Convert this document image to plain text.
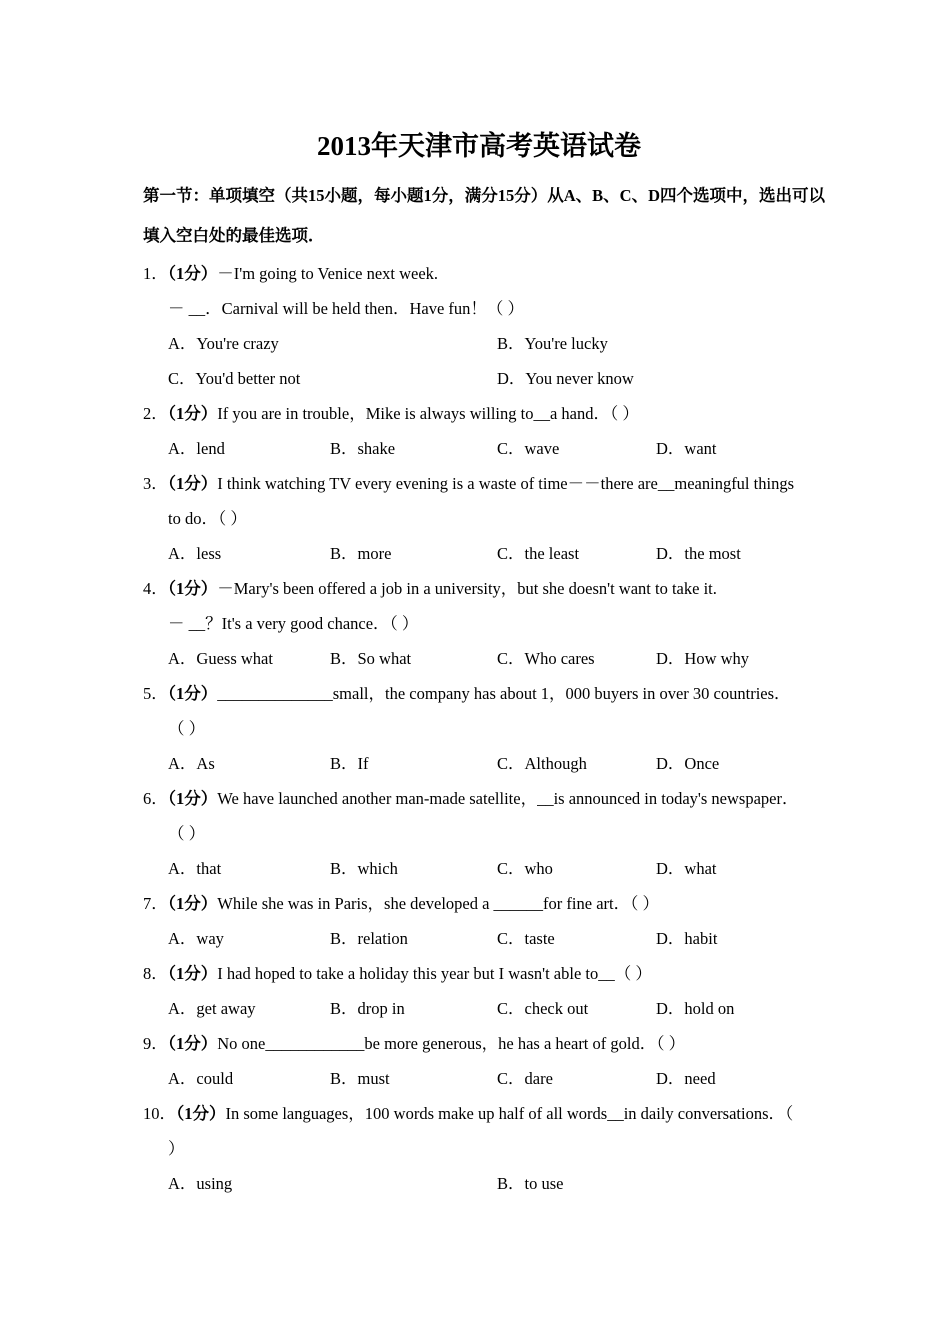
2013年天津市高考英语试卷

第一节：单项填空（共15小题，每小题1分，满分15分）从A、B、C、D四个选项中，选出可以

填入空白处的最佳选项．

1．（1分）－I'm going to Venice next week.

－ __．Carnival will be held then．Have fun！（ ）

A．You're crazy	B．You're lucky
C．You'd better not	D．You never know

2．（1分）If you are in trouble，Mike is always willing to__a hand．（ ）

A．lend	B．shake	C．wave	D．want

3．（1分）I think watching TV every evening is a waste of time－－there are__meaningful things

to do．（ ）

A．less	B．more	C．the least	D．the most

4．（1分）－Mary's been offered a job in a university，but she doesn't want to take it.

－ __？It's a very good chance．（ ）

A．Guess what	B．So what	C．Who cares	D．How why

5．（1分）______________small，the company has about 1，000 buyers in over 30 countries．

（ ）

A．As	B．If	C．Although	D．Once

6．（1分）We have launched another man‐made satellite，__is announced in today's newspaper．

（ ）

A．that	B．which	C．who	D．what

7．（1分）While she was in Paris，she developed a ______for fine art．（ ）

A．way	B．relation	C．taste	D．habit

8．（1分）I had hoped to take a holiday this year but I wasn't able to__（ ）

A．get away	B．drop in	C．check out	D．hold on

9．（1分）No one____________be more generous，he has a heart of gold．（ ）

A．could	B．must	C．dare	D．need

10．（1分）In some languages，100 words make up half of all words__in daily conversations．（

）

A．using	B．to use
